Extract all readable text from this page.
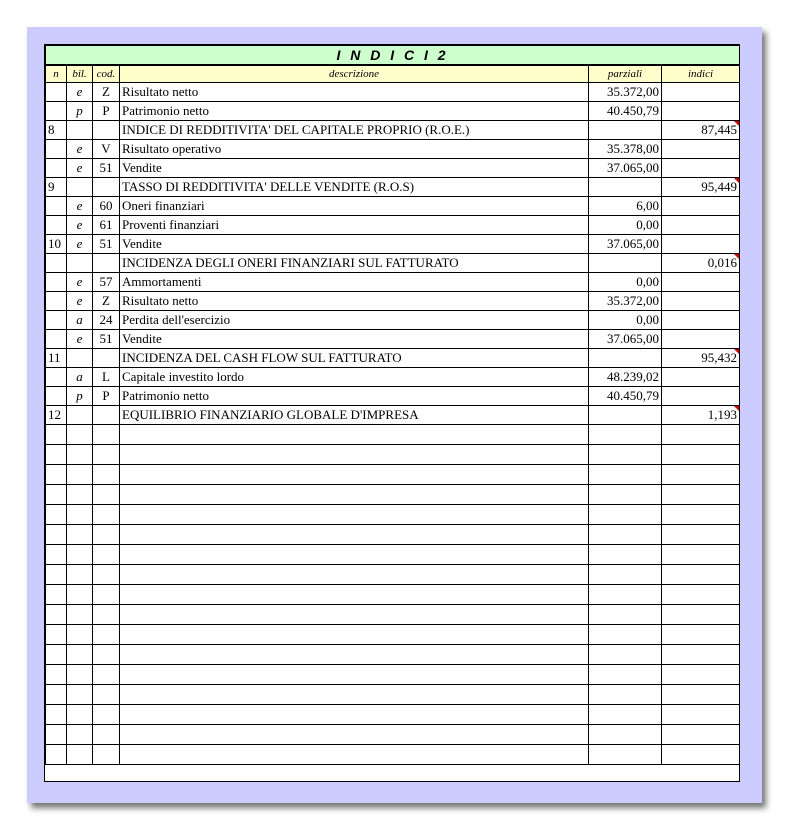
I N D I C I 2					
n	bil.	cod.	descrizione	parziali	indici
	e	Z	Risultato netto	35.372,00	
	p	P	Patrimonio netto	40.450,79	
8			INDICE DI REDDITIVITA' DEL CAPITALE PROPRIO (R.O.E.)		87,445
	e	V	Risultato operativo	35.378,00	
	e	51	Vendite	37.065,00	
9			TASSO DI REDDITIVITA' DELLE VENDITE (R.O.S)		95,449
	e	60	Oneri finanziari	6,00	
	e	61	Proventi finanziari	0,00	
10	e	51	Vendite	37.065,00	
			INCIDENZA DEGLI ONERI FINANZIARI SUL FATTURATO		0,016
	e	57	Ammortamenti	0,00	
	e	Z	Risultato netto	35.372,00	
	a	24	Perdita dell'esercizio	0,00	
	e	51	Vendite	37.065,00	
11			INCIDENZA DEL CASH FLOW SUL FATTURATO		95,432
	a	L	Capitale investito lordo	48.239,02	
	p	P	Patrimonio netto	40.450,79	
12			EQUILIBRIO FINANZIARIO GLOBALE D'IMPRESA		1,193
